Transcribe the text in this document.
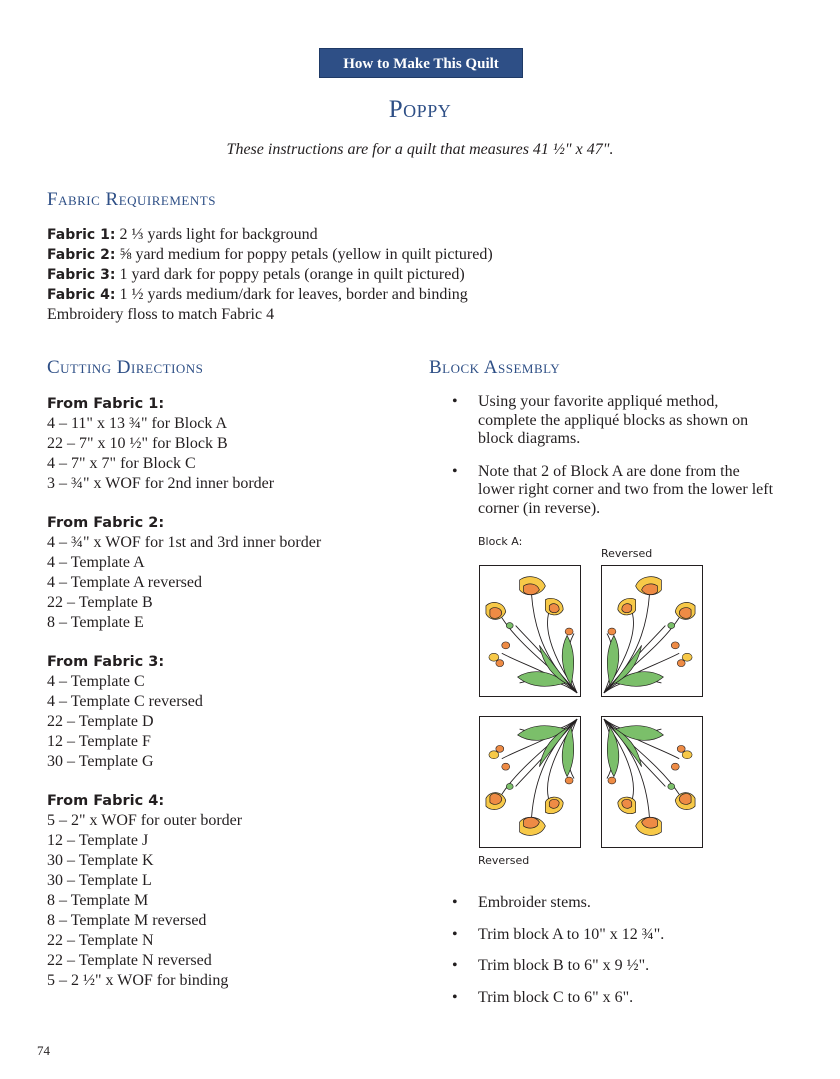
How to Make This Quilt
Poppy
These instructions are for a quilt that measures 41 ½" x 47".
Fabric Requirements
Fabric 1: 2 ⅓ yards light for background
Fabric 2: ⅝ yard medium for poppy petals (yellow in quilt pictured)
Fabric 3: 1 yard dark for poppy petals (orange in quilt pictured)
Fabric 4: 1 ½ yards medium/dark for leaves, border and binding
Embroidery floss to match Fabric 4
Cutting Directions
From Fabric 1:
4 – 11" x 13 ¾" for Block A
22 – 7" x 10 ½" for Block B
4 – 7" x 7" for Block C
3 – ¾" x WOF for 2nd inner border
From Fabric 2:
4 – ¾" x WOF for 1st and 3rd inner border
4 – Template A
4 – Template A reversed
22 – Template B
8 – Template E
From Fabric 3:
4 – Template C
4 – Template C reversed
22 – Template D
12 – Template F
30 – Template G
From Fabric 4:
5 – 2" x WOF for outer border
12 – Template J
30 – Template K
30 – Template L
8 – Template M
8 – Template M reversed
22 – Template N
22 – Template N reversed
5 – 2 ½" x WOF for binding
Block Assembly
• Using your favorite appliqué method, complete the appliqué blocks as shown on block diagrams.
• Note that 2 of Block A are done from the lower right corner and two from the lower left corner (in reverse).
Block A:
Reversed
Reversed
• Embroider stems.
• Trim block A to 10" x 12 ¾".
• Trim block B to 6" x 9 ½".
• Trim block C to 6" x 6".
74
